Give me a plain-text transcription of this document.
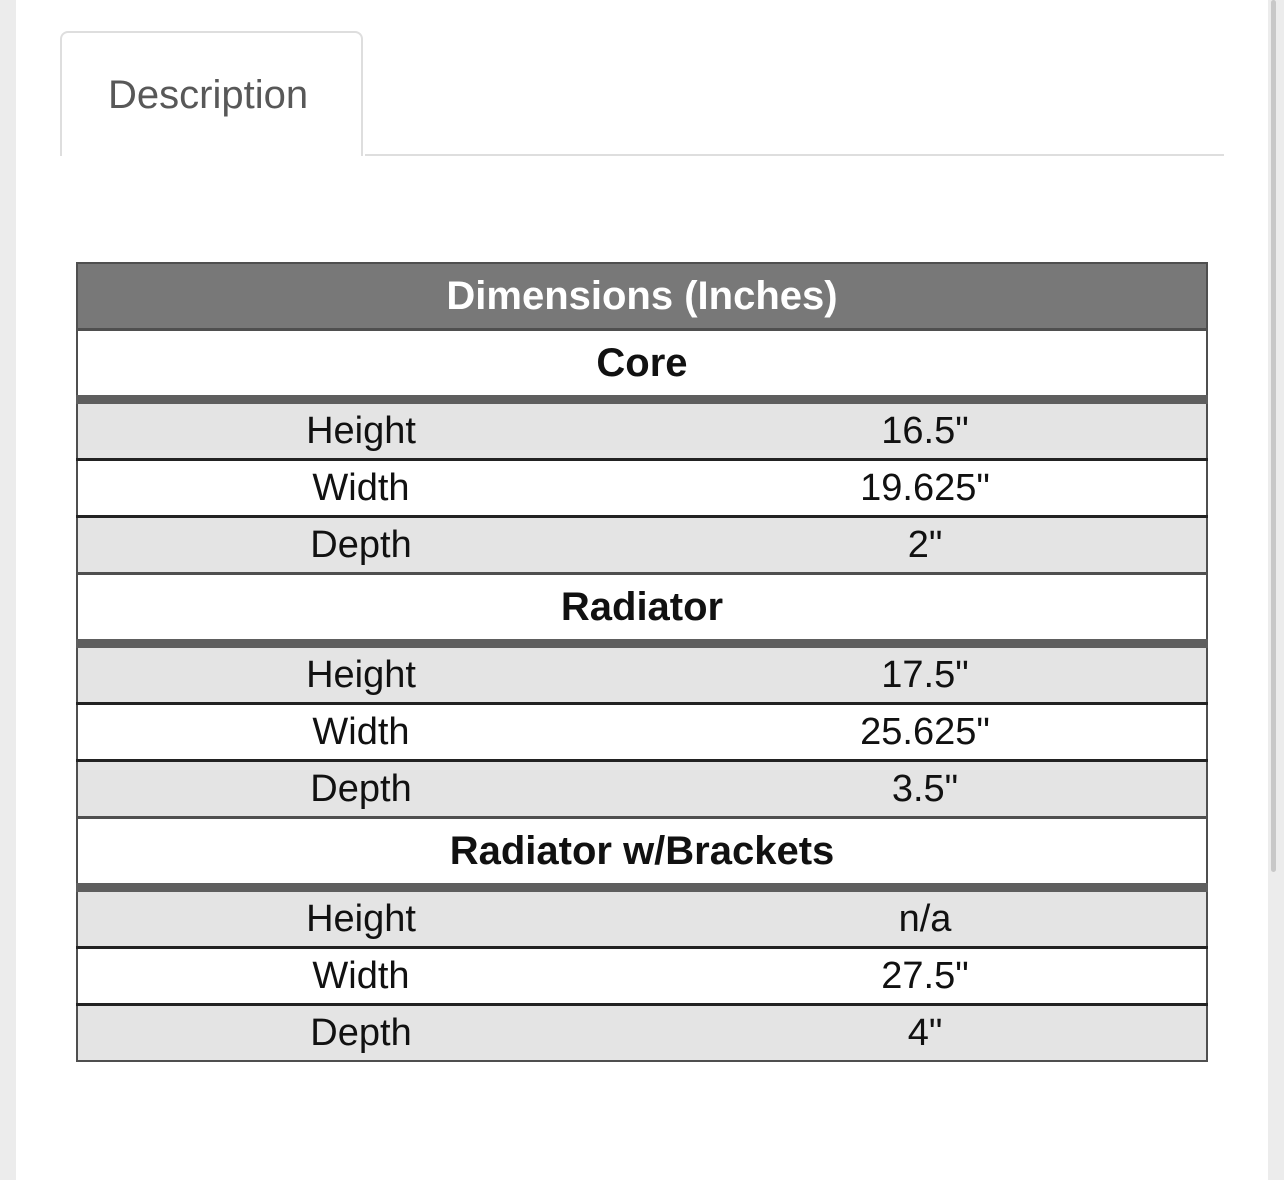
Description
Dimensions (Inches)	
Core	
Height	16.5"
Width	19.625"
Depth	2"
Radiator	
Height	17.5"
Width	25.625"
Depth	3.5"
Radiator w/Brackets	
Height	n/a
Width	27.5"
Depth	4"
